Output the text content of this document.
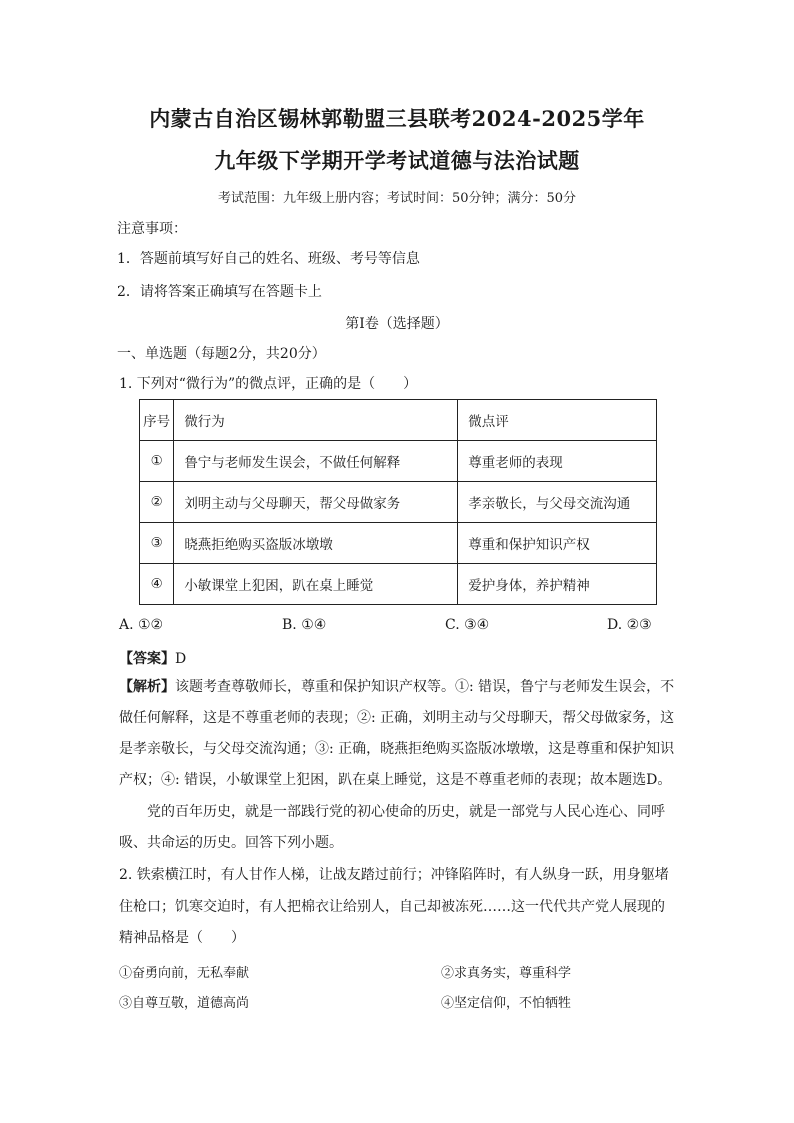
内蒙古自治区锡林郭勒盟三县联考2024-2025学年
九年级下学期开学考试道德与法治试题
考试范围：九年级上册内容；考试时间：50分钟；满分：50分
注意事项：
1．答题前填写好自己的姓名、班级、考号等信息
2．请将答案正确填写在答题卡上
第I卷（选择题）
一、单选题（每题2分，共20分）
1. 下列对“微行为”的微点评，正确的是（　　）
序号	微行为	微点评
①	鲁宁与老师发生误会，不做任何解释	尊重老师的表现
②	刘明主动与父母聊天，帮父母做家务	孝亲敬长，与父母交流沟通
③	晓燕拒绝购买盗版冰墩墩	尊重和保护知识产权
④	小敏课堂上犯困，趴在桌上睡觉	爱护身体，养护精神
A. ①②	B. ①④	C. ③④	D. ②③
【答案】D
【解析】该题考查尊敬师长，尊重和保护知识产权等。①: 错误，鲁宁与老师发生误会，不
做任何解释，这是不尊重老师的表现；②: 正确，刘明主动与父母聊天，帮父母做家务，这
是孝亲敬长，与父母交流沟通；③: 正确，晓燕拒绝购买盗版冰墩墩，这是尊重和保护知识
产权；④: 错误，小敏课堂上犯困，趴在桌上睡觉，这是不尊重老师的表现；故本题选D。
党的百年历史，就是一部践行党的初心使命的历史，就是一部党与人民心连心、同呼
吸、共命运的历史。回答下列小题。
2. 铁索横江时，有人甘作人梯，让战友踏过前行；冲锋陷阵时，有人纵身一跃，用身躯堵
住枪口；饥寒交迫时，有人把棉衣让给别人，自己却被冻死……这一代代共产党人展现的
精神品格是（　　）
①奋勇向前，无私奉献	②求真务实，尊重科学
③自尊互敬，道德高尚	④坚定信仰，不怕牺牲
